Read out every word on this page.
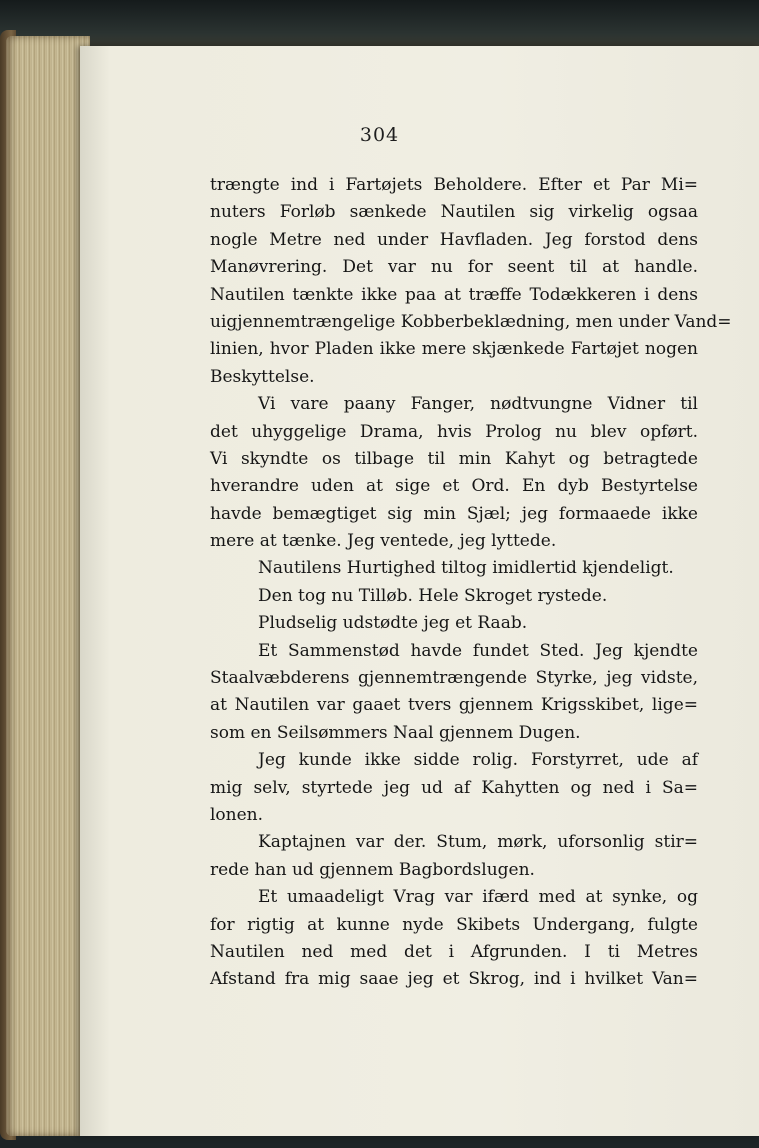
304
trængte ind i Fartøjets Beholdere. Efter et Par Mi=
nuters Forløb sænkede Nautilen sig virkelig ogsaa
nogle Metre ned under Havfladen. Jeg forstod dens
Manøvrering. Det var nu for seent til at handle.
Nautilen tænkte ikke paa at træffe Todækkeren i dens
uigjennemtrængelige Kobberbeklædning, men under Vand=
linien, hvor Pladen ikke mere skjænkede Fartøjet nogen
Beskyttelse.
Vi vare paany Fanger, nødtvungne Vidner til
det uhyggelige Drama, hvis Prolog nu blev opført.
Vi skyndte os tilbage til min Kahyt og betragtede
hverandre uden at sige et Ord. En dyb Bestyrtelse
havde bemægtiget sig min Sjæl; jeg formaaede ikke
mere at tænke. Jeg ventede, jeg lyttede.
Nautilens Hurtighed tiltog imidlertid kjendeligt.
Den tog nu Tilløb. Hele Skroget rystede.
Pludselig udstødte jeg et Raab.
Et Sammenstød havde fundet Sted. Jeg kjendte
Staalvæbderens gjennemtrængende Styrke, jeg vidste,
at Nautilen var gaaet tvers gjennem Krigsskibet, lige=
som en Seilsømmers Naal gjennem Dugen.
Jeg kunde ikke sidde rolig. Forstyrret, ude af
mig selv, styrtede jeg ud af Kahytten og ned i Sa=
lonen.
Kaptajnen var der. Stum, mørk, uforsonlig stir=
rede han ud gjennem Bagbordslugen.
Et umaadeligt Vrag var ifærd med at synke, og
for rigtig at kunne nyde Skibets Undergang, fulgte
Nautilen ned med det i Afgrunden. I ti Metres
Afstand fra mig saae jeg et Skrog, ind i hvilket Van=
